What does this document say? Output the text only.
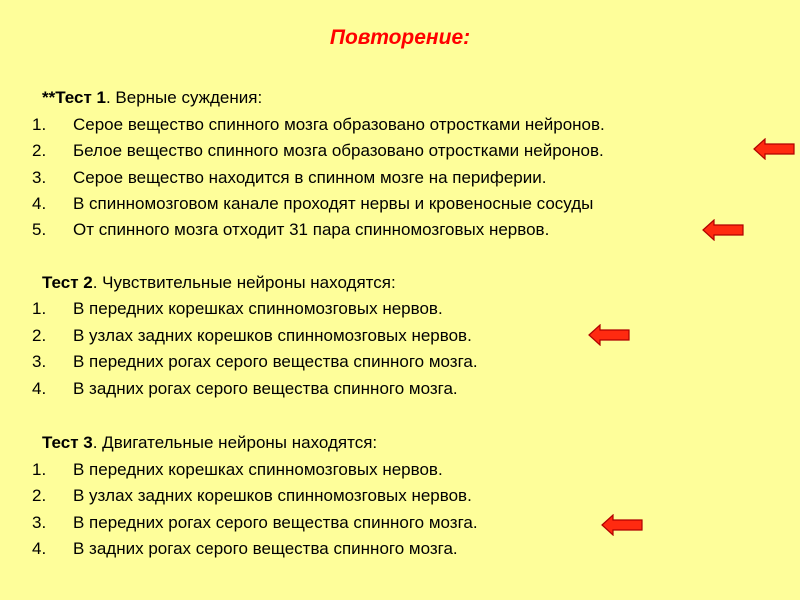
Повторение:
**Тест 1. Верные суждения:
1. Серое вещество спинного мозга образовано отростками нейронов.
2. Белое вещество спинного мозга образовано отростками нейронов.
3. Серое вещество находится в спинном мозге на периферии.
4. В спинномозговом канале проходят нервы и кровеносные сосуды
5. От спинного мозга отходит 31 пара спинномозговых нервов.
Тест 2. Чувствительные нейроны находятся:
1. В передних корешках спинномозговых нервов.
2. В узлах задних корешков спинномозговых нервов.
3. В передних рогах серого вещества спинного мозга.
4. В задних рогах серого вещества спинного мозга.
Тест 3. Двигательные нейроны находятся:
1. В передних корешках спинномозговых нервов.
2. В узлах задних корешков спинномозговых нервов.
3. В передних рогах серого вещества спинного мозга.
4. В задних рогах серого вещества спинного мозга.
